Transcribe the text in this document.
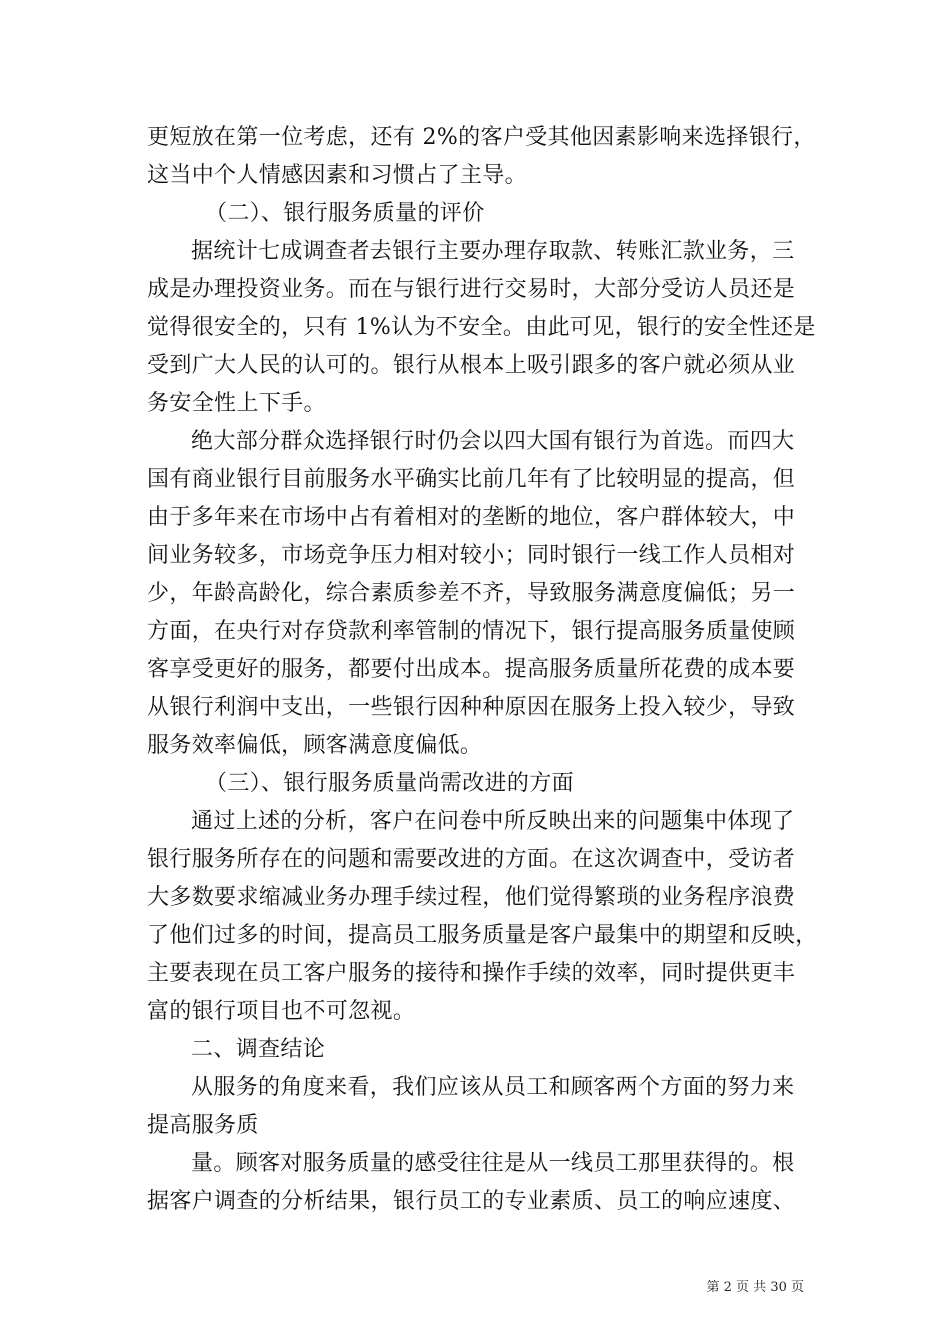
更短放在第一位考虑，还有 2%的客户受其他因素影响来选择银行，
这当中个人情感因素和习惯占了主导。
（二）、银行服务质量的评价
据统计七成调查者去银行主要办理存取款、转账汇款业务，三
成是办理投资业务。而在与银行进行交易时，大部分受访人员还是
觉得很安全的，只有 1%认为不安全。由此可见，银行的安全性还是
受到广大人民的认可的。银行从根本上吸引跟多的客户就必须从业
务安全性上下手。
绝大部分群众选择银行时仍会以四大国有银行为首选。而四大
国有商业银行目前服务水平确实比前几年有了比较明显的提高，但
由于多年来在市场中占有着相对的垄断的地位，客户群体较大，中
间业务较多，市场竞争压力相对较小；同时银行一线工作人员相对
少，年龄高龄化，综合素质参差不齐，导致服务满意度偏低；另一
方面，在央行对存贷款利率管制的情况下，银行提高服务质量使顾
客享受更好的服务，都要付出成本。提高服务质量所花费的成本要
从银行利润中支出，一些银行因种种原因在服务上投入较少，导致
服务效率偏低，顾客满意度偏低。
（三）、银行服务质量尚需改进的方面
通过上述的分析，客户在问卷中所反映出来的问题集中体现了
银行服务所存在的问题和需要改进的方面。在这次调查中，受访者
大多数要求缩减业务办理手续过程，他们觉得繁琐的业务程序浪费
了他们过多的时间，提高员工服务质量是客户最集中的期望和反映，
主要表现在员工客户服务的接待和操作手续的效率，同时提供更丰
富的银行项目也不可忽视。
二、调查结论
从服务的角度来看，我们应该从员工和顾客两个方面的努力来
提高服务质
量。顾客对服务质量的感受往往是从一线员工那里获得的。根
据客户调查的分析结果，银行员工的专业素质、员工的响应速度、
第 2 页 共 30 页
